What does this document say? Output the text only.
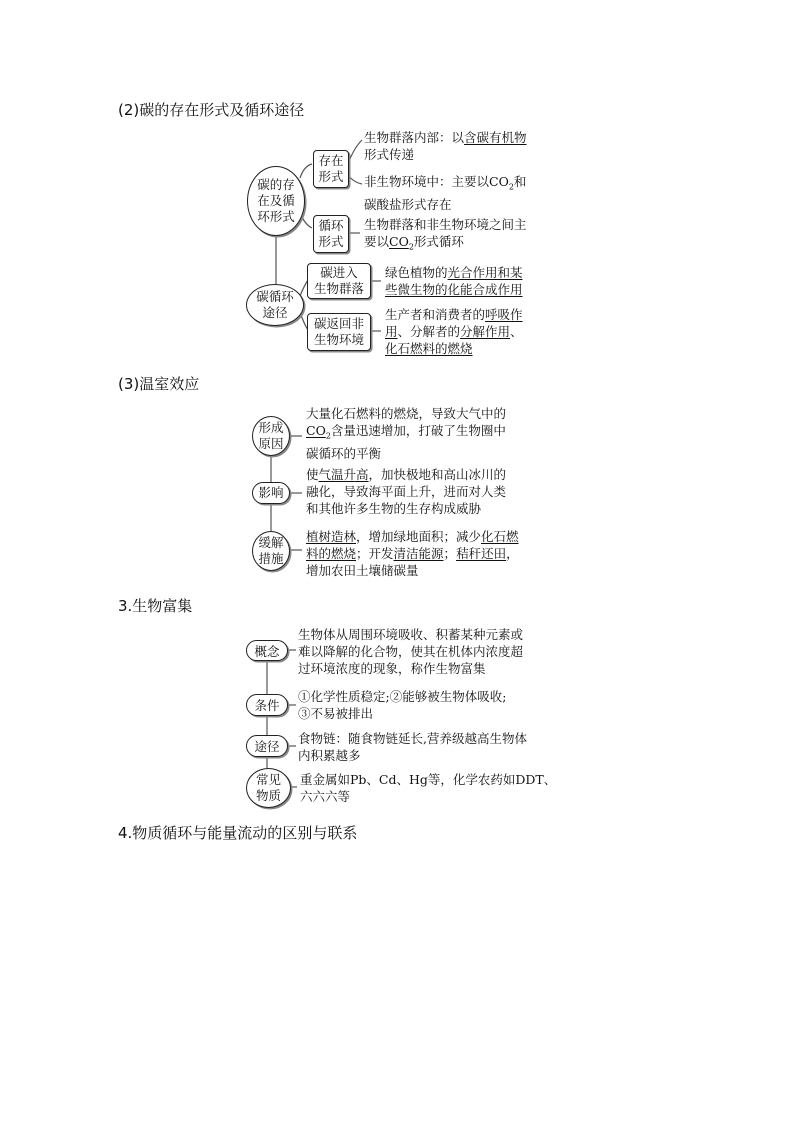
(2)碳的存在形式及循环途径
(3)温室效应
3.生物富集
4.物质循环与能量流动的区别与联系
碳的存
在及循
环形式
碳循环
途径
存在
形式
循环
形式
碳进入
生物群落
碳返回非
生物环境
生物群落内部：以含碳有机物
形式传递
非生物环境中：主要以$CO_2$和
碳酸盐形式存在
生物群落和非生物环境之间主
要以$CO_2$形式循环
绿色植物的光合作用和某
些微生物的化能合成作用
生产者和消费者的呼吸作
用、分解者的分解作用、
化石燃料的燃烧
形成
原因
影响
缓解
措施
大量化石燃料的燃烧，导致大气中的
$CO_2$含量迅速增加，打破了生物圈中
碳循环的平衡
使气温升高，加快极地和高山冰川的
融化，导致海平面上升，进而对人类
和其他许多生物的生存构成威胁
植树造林，增加绿地面积；减少化石燃
料的燃烧；开发清洁能源；秸秆还田，
增加农田土壤储碳量
概念
条件
途径
常见
物质
生物体从周围环境吸收、积蓄某种元素或
难以降解的化合物，使其在机体内浓度超
过环境浓度的现象，称作生物富集
①化学性质稳定;②能够被生物体吸收;
③不易被排出
食物链：随食物链延长,营养级越高生物体
内积累越多
重金属如Pb、Cd、Hg等，化学农药如DDT、
六六六等
